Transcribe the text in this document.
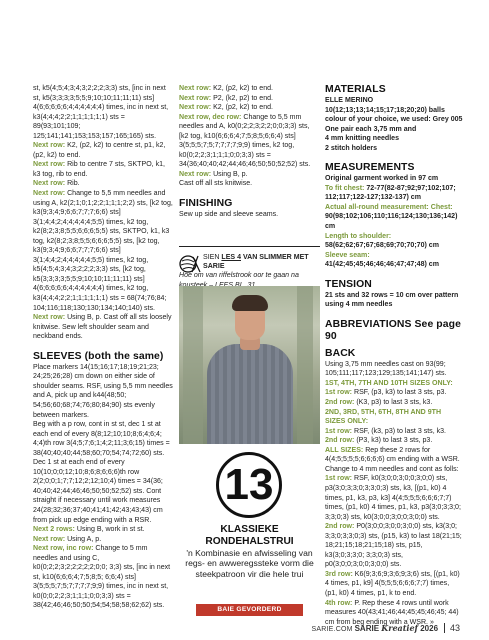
st, k5(4;5;4;3;4;3;2;2;2;3;3) sts, [inc in next st, k5(3;3;3;3;5;5;9;10;10;11;11;11) sts] 4(6;6;6;6;6;4;4;4;4;4;4) times, inc in next st, k3(4;4;4;2;2;1;1;1;1;1;1) sts = 89(93;101;109; 125;141;141;153;153;157;165;165) sts.

Next row: K2, (p2, k2) to centre st, p1, k2, (p2, k2) to end.

Next row: Rib to centre 7 sts, SKTPO, k1, k3 tog, rib to end.

Next row: Rib.

Next row: Change to 5,5 mm needles and using A, k2(2;1;0;1;2;2;1;1;1;2;2) sts, [k2 tog, k3(9;3;4;9;6;6;7;7;7;6;6) sts] 3(1;4;4;2;4;4;4;4;4;5;5) times, k2 tog, k2(8;2;3;8;5;5;6;6;6;5;5) sts, SKTPO, k1, k3 tog, k2(8;2;3;8;5;5;6;6;6;5;5) sts, [k2 tog, k3(9;3;4;9;6;6;7;7;7;6;6) sts] 3(1;4;4;2;4;4;4;4;4;5;5) times, k2 tog, k5(4;5;4;3;4;3;2;2;2;3;3) sts, [k2 tog, k5(3;3;3;3;5;5;9;10;10;11;11;11) sts] 4(6;6;6;6;6;4;4;4;4;4;4) times, k2 tog, k3(4;4;4;2;2;1;1;1;1;1;1) sts = 68(74;76;84; 104;116;118;130;130;134;140;140) sts.

Next row: Using B, p. Cast off all sts loosely knitwise. Sew left shoulder seam and neckband ends.

SLEEVES (both the same)

Place markers 14(15;16;17;18;19;21;23; 24;25;26;28) cm down on either side of shoulder seams. RSF, using 5,5 mm needles and A, pick up and k44(48;50; 54;56;60;68;74;76;80;84;90) sts evenly between markers.

Beg with a p row, cont in st st, dec 1 st at each end of every 8(8;12;10;10;8;6;4;6;4; 4;4)th row 3(4;5;7;6;1;4;2;11;3;6;15) times = 38(40;40;40;44;58;60;70;54;74;72;60) sts.

Dec 1 st at each end of every 10(10;0;0;12;10;8;6;8;6;6;6)th row 2(2;0;0;1;7;7;12;2;12;10;4) times = 34(36; 40;40;42;44;46;46;50;50;52;52) sts. Cont straight if necessary until work measures 24(28;32;36;37;40;41;41;42;43;43;43) cm from pick up edge ending with a RSR.

Next 2 rows: Using B, work in st st.

Next row: Using A, p.

Next row, inc row: Change to 5 mm needles and using C, k0(0;2;2;3;2;2;2;2;2;0;0; 3;3) sts, [inc in next st, k10(6;6;6;4;7;5;8;5; 6;6;4) sts] 3(5;5;5;7;5;7;7;7;7;9;9) times, inc in next st, k0(0;0;2;2;3;1;1;1;0;0;3;3) sts = 38(42;46;46;50;50;54;54;58;58;62;62) sts.

Next row: K2, (p2, k2) to end.

Next row: P2, (k2, p2) to end.

Next row: K2, (p2, k2) to end.

Next row, dec row: Change to 5,5 mm needles and A, k0(0;2;2;3;2;2;0;0;3;3) sts, [k2 tog, k10(6;6;6;4;7;5;8;5;6;6;4) sts] 3(5;5;5;7;5;7;7;7;7;9;9) times, k2 tog, k0(0;2;2;3;1;1;1;0;0;3;3) sts = 34(36;40;40;42;44;46;46;50;50;52;52) sts.

Next row: Using B, p.

Cast off all sts knitwise.

FINISHING

Sew up side and sleeve seams.

SIEN LES 4 VAN SLIMMER MET SARIE
Hoe om van riffelstrook oor te gaan na
13
KLASSIEKE
RONDEHALSTRUI
'n Kombinasie en afwisseling van regs- en awweregssteke vorm die steekpatroon vir die hele trui
BAIE GEVORDERD
MATERIALS

ELLE MERINO

10(12;13;13;14;15;17;18;20;20) balls colour of your choice, we used: Grey 005

One pair each 3,75 mm and

4 mm knitting needles

2 stitch holders

MEASUREMENTS

Original garment worked in 97 cm

To fit chest: 72-77(82-87;92;97;102;107; 112;117;122-127;132-137) cm

Actual all-round measurement: Chest: 90(98;102;106;110;116;124;130;136;142) cm

Length to shoulder: 58(62;62;67;67;68;69;70;70;70) cm

Sleeve seam: 41(42;45;45;46;46;46;47;47;48) cm

TENSION

21 sts and 32 rows = 10 cm over pattern using 4 mm needles

ABBREVIATIONS See page 90
BACK

Using 3,75 mm needles cast on 93(99; 105;111;117;123;129;135;141;147) sts.

1ST, 4TH, 7TH AND 10TH SIZES ONLY:

1st row: RSF, (p3, k3) to last 3 sts, p3.

2nd row: (K3, p3) to last 3 sts, k3.

2ND, 3RD, 5TH, 6TH, 8TH AND 9TH SIZES ONLY:

1st row: RSF, (k3, p3) to last 3 sts, k3.

2nd row: (P3, k3) to last 3 sts, p3.

ALL SIZES: Rep these 2 rows for 4(4;5;5;5;5;6;6;6;6) cm ending with a WSR. Change to 4 mm needles and cont as folls:

1st row: RSF, k0(3;0;0;3;0;0;3;0;0) sts, p3(3;0;3;3;0;3;3;0;3) sts, k3, [(p1, k0) 4 times, p1, k3, p3, k3] 4(4;5;5;5;6;6;6;7;7) times, (p1, k0) 4 times, p1, k3, p3(3;0;3;3;0; 3;3;0;3) sts, k0(3;0;0;3;0;0;3;0;0) sts.

2nd row: P0(3;0;0;3;0;0;3;0;0) sts, k3(3;0; 3;3;0;3;3;0;3) sts, (p15, k3) to last 18(21;15; 18;21;15;18;21;15;18) sts, p15, k3(3;0;3;3;0; 3;3;0;3) sts, p0(3;0;0;3;0;0;3;0;0) sts.

3rd row: K6(9;3;6;9;3;6;9;3;6) sts, [(p1, k0) 4 times, p1, k9] 4(5;5;5;6;6;6;7;7) times, (p1, k0) 4 times, p1, k to end.

4th row: P. Rep these 4 rows until work measures 40(43;41;46;44;45;45;46;45; 44) cm from beg ending with a WSR. »

SARIE.COM SARIE Kreatief 2026 43
